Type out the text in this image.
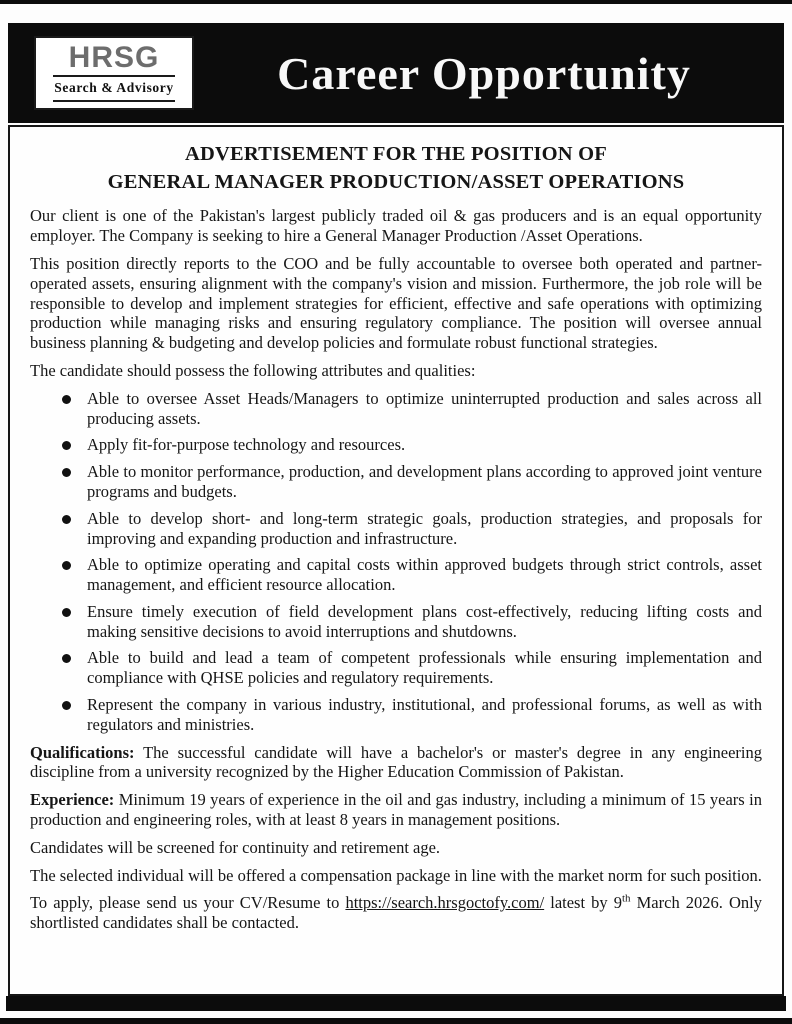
HRSG
Search & Advisory	Career Opportunity
ADVERTISEMENT FOR THE POSITION OF
GENERAL MANAGER PRODUCTION/ASSET OPERATIONS

Our client is one of the Pakistan's largest publicly traded oil & gas producers and is an equal opportunity employer. The Company is seeking to hire a General Manager Production /Asset Operations.

This position directly reports to the COO and be fully accountable to oversee both operated and partner-operated assets, ensuring alignment with the company's vision and mission. Furthermore, the job role will be responsible to develop and implement strategies for efficient, effective and safe operations with optimizing production while managing risks and ensuring regulatory compliance. The position will oversee annual business planning & budgeting and develop policies and formulate robust functional strategies.

The candidate should possess the following attributes and qualities:

Able to oversee Asset Heads/Managers to optimize uninterrupted production and sales across all producing assets.
Apply fit-for-purpose technology and resources.
Able to monitor performance, production, and development plans according to approved joint venture programs and budgets.
Able to develop short- and long-term strategic goals, production strategies, and proposals for improving and expanding production and infrastructure.
Able to optimize operating and capital costs within approved budgets through strict controls, asset management, and efficient resource allocation.
Ensure timely execution of field development plans cost-effectively, reducing lifting costs and making sensitive decisions to avoid interruptions and shutdowns.
Able to build and lead a team of competent professionals while ensuring implementation and compliance with QHSE policies and regulatory requirements.
Represent the company in various industry, institutional, and professional forums, as well as with regulators and ministries.

Qualifications: The successful candidate will have a bachelor's or master's degree in any engineering discipline from a university recognized by the Higher Education Commission of Pakistan.

Experience: Minimum 19 years of experience in the oil and gas industry, including a minimum of 15 years in production and engineering roles, with at least 8 years in management positions.

Candidates will be screened for continuity and retirement age.

The selected individual will be offered a compensation package in line with the market norm for such position.

To apply, please send us your CV/Resume to https://search.hrsgoctofy.com/ latest by 9th March 2026. Only shortlisted candidates shall be contacted.
